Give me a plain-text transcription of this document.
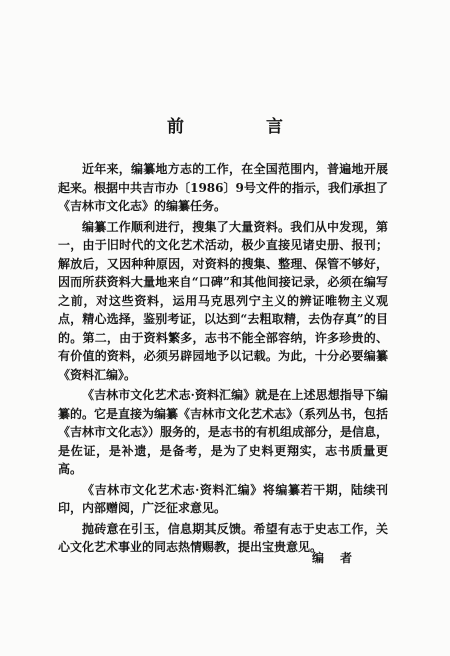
前 言

近年来，编纂地方志的工作，在全国范围内，普遍地开展起来。根据中共吉市办〔1986〕9号文件的指示，我们承担了《吉林市文化志》的编纂任务。

编纂工作顺利进行，搜集了大量资料。我们从中发现，第一，由于旧时代的文化艺术活动，极少直接见诸史册、报刊；解放后，又因种种原因，对资料的搜集、整理、保管不够好，因而所获资料大量地来自“口碑”和其他间接记录，必须在编写之前，对这些资料，运用马克思列宁主义的辨证唯物主义观点，精心选择，鉴别考证，以达到“去粗取精，去伪存真”的目的。第二，由于资料繁多，志书不能全部容纳，许多珍贵的、有价值的资料，必须另辟园地予以记载。为此，十分必要编纂《资料汇编》。

《吉林市文化艺术志·资料汇编》就是在上述思想指导下编纂的。它是直接为编纂《吉林市文化艺术志》（系列丛书，包括《吉林市文化志》）服务的，是志书的有机组成部分，是信息，是佐证，是补遗，是备考，是为了史料更翔实，志书质量更高。

《吉林市文化艺术志·资料汇编》将编纂若干期，陆续刊印，内部赠阅，广泛征求意见。

抛砖意在引玉，信息期其反馈。希望有志于史志工作，关心文化艺术事业的同志热情赐教，提出宝贵意见。

编者
